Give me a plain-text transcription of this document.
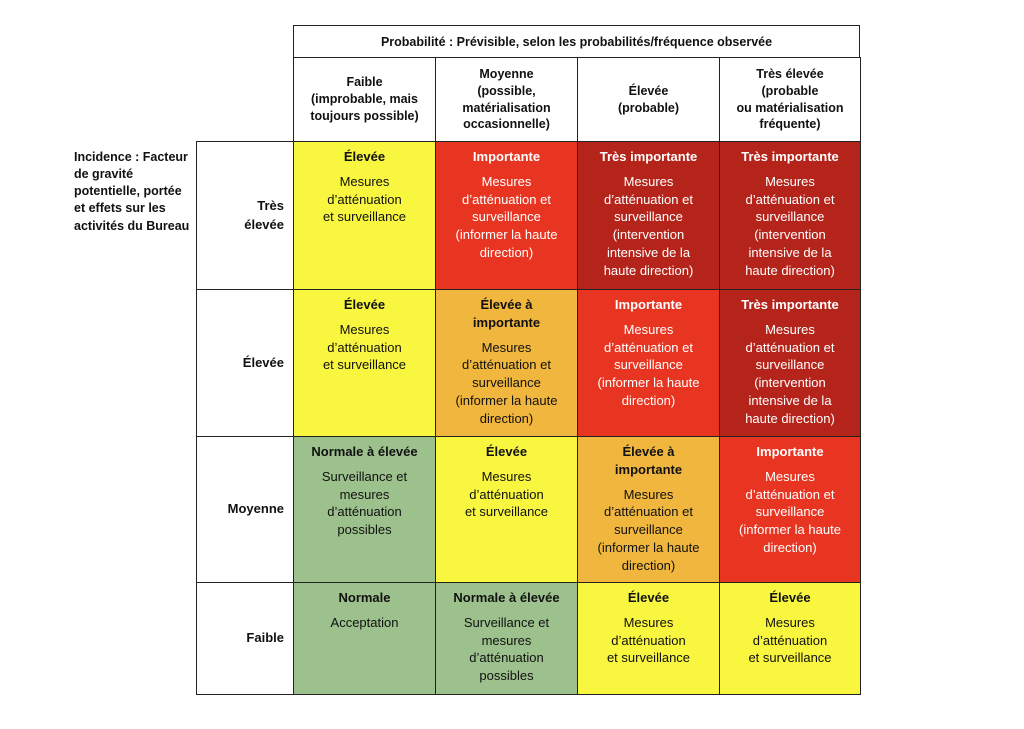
Probabilité : Prévisible, selon les probabilités/fréquence observée
Faible
(improbable, mais
toujours possible)
Moyenne
(possible,
matérialisation
occasionnelle)
Élevée
(probable)
Très élevée
(probable
ou matérialisation
fréquente)
Incidence : Facteur
de gravité
potentielle, portée
et effets sur les
activités du Bureau
Très
élevée
Élevée
Moyenne
Faible
Élevée
Mesures
d’atténuation
et surveillance
Importante
Mesures
d’atténuation et
surveillance
(informer la haute
direction)
Très importante
Mesures
d’atténuation et
surveillance
(intervention
intensive de la
haute direction)
Très importante
Mesures
d’atténuation et
surveillance
(intervention
intensive de la
haute direction)
Élevée
Mesures
d’atténuation
et surveillance
Élevée à
importante
Mesures
d’atténuation et
surveillance
(informer la haute
direction)
Importante
Mesures
d’atténuation et
surveillance
(informer la haute
direction)
Très importante
Mesures
d’atténuation et
surveillance
(intervention
intensive de la
haute direction)
Normale à élevée
Surveillance et
mesures
d’atténuation
possibles
Élevée
Mesures
d’atténuation
et surveillance
Élevée à
importante
Mesures
d’atténuation et
surveillance
(informer la haute
direction)
Importante
Mesures
d’atténuation et
surveillance
(informer la haute
direction)
Normale
Acceptation
Normale à élevée
Surveillance et
mesures
d’atténuation
possibles
Élevée
Mesures
d’atténuation
et surveillance
Élevée
Mesures
d’atténuation
et surveillance
